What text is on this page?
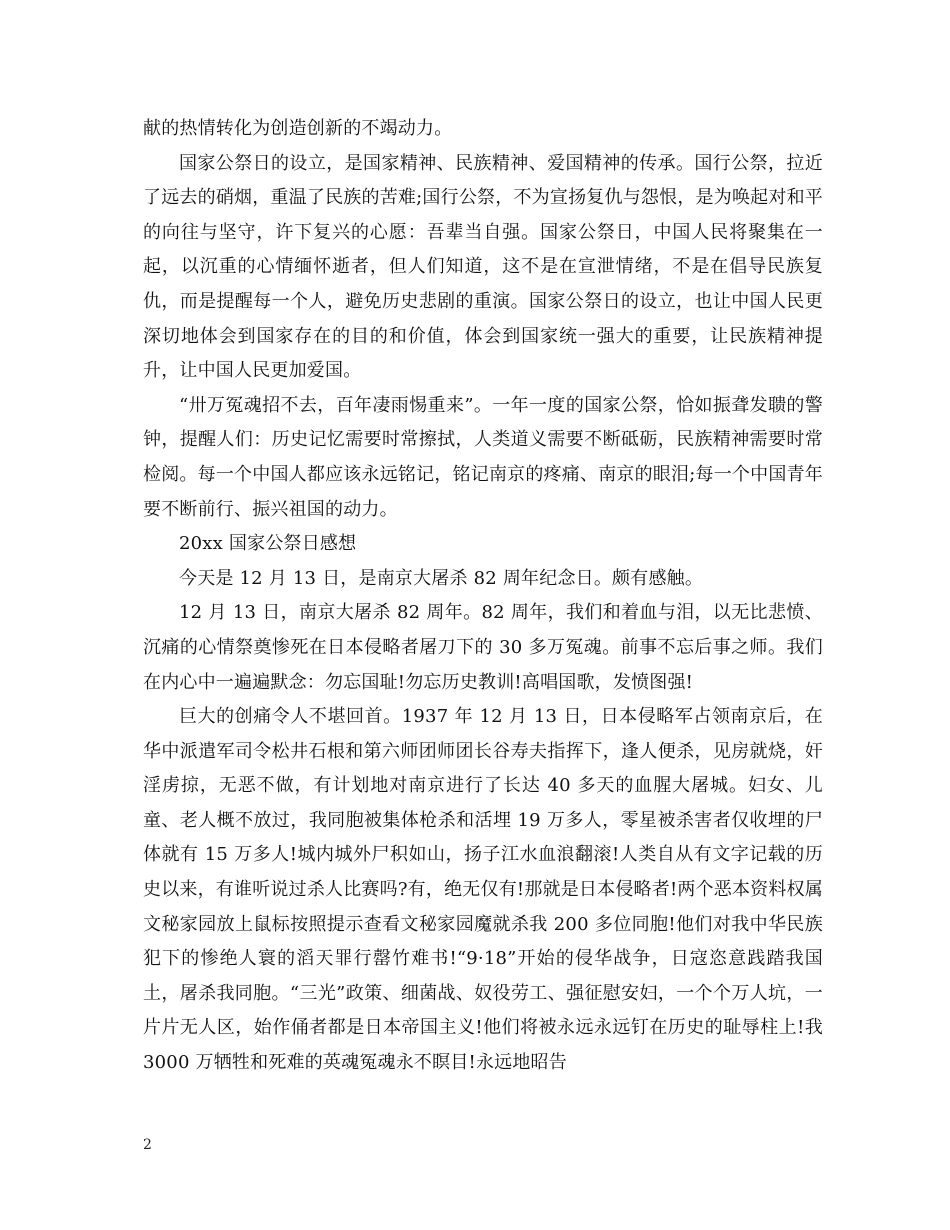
献的热情转化为创造创新的不竭动力。

国家公祭日的设立，是国家精神、民族精神、爱国精神的传承。国行公祭，拉近了远去的硝烟，重温了民族的苦难;国行公祭，不为宣扬复仇与怨恨，是为唤起对和平的向往与坚守，许下复兴的心愿：吾辈当自强。国家公祭日，中国人民将聚集在一起，以沉重的心情缅怀逝者，但人们知道，这不是在宣泄情绪，不是在倡导民族复仇，而是提醒每一个人，避免历史悲剧的重演。国家公祭日的设立，也让中国人民更深切地体会到国家存在的目的和价值，体会到国家统一强大的重要，让民族精神提升，让中国人民更加爱国。

“卅万冤魂招不去，百年凄雨惕重来”。一年一度的国家公祭，恰如振聋发聩的警钟，提醒人们：历史记忆需要时常擦拭，人类道义需要不断砥砺，民族精神需要时常检阅。每一个中国人都应该永远铭记，铭记南京的疼痛、南京的眼泪;每一个中国青年要不断前行、振兴祖国的动力。

20xx 国家公祭日感想

今天是 12 月 13 日，是南京大屠杀 82 周年纪念日。颇有感触。

12 月 13 日，南京大屠杀 82 周年。82 周年，我们和着血与泪，以无比悲愤、沉痛的心情祭奠惨死在日本侵略者屠刀下的 30 多万冤魂。前事不忘后事之师。我们在内心中一遍遍默念：勿忘国耻!勿忘历史教训!高唱国歌，发愤图强!

巨大的创痛令人不堪回首。1937 年 12 月 13 日，日本侵略军占领南京后，在华中派遣军司令松井石根和第六师团师团长谷寿夫指挥下，逢人便杀，见房就烧，奸淫虏掠，无恶不做，有计划地对南京进行了长达 40 多天的血腥大屠城。妇女、儿童、老人概不放过，我同胞被集体枪杀和活埋 19 万多人，零星被杀害者仅收埋的尸体就有 15 万多人!城内城外尸积如山，扬子江水血浪翻滚!人类自从有文字记载的历史以来，有谁听说过杀人比赛吗?有，绝无仅有!那就是日本侵略者!两个恶本资料权属文秘家园放上鼠标按照提示查看文秘家园魔就杀我 200 多位同胞!他们对我中华民族犯下的惨绝人寰的滔天罪行罄竹难书!“9·18”开始的侵华战争，日寇恣意践踏我国土，屠杀我同胞。“三光”政策、细菌战、奴役劳工、强征慰安妇，一个个万人坑，一片片无人区，始作俑者都是日本帝国主义!他们将被永远永远钉在历史的耻辱柱上!我 3000 万牺牲和死难的英魂冤魂永不瞑目!永远地昭告

2
